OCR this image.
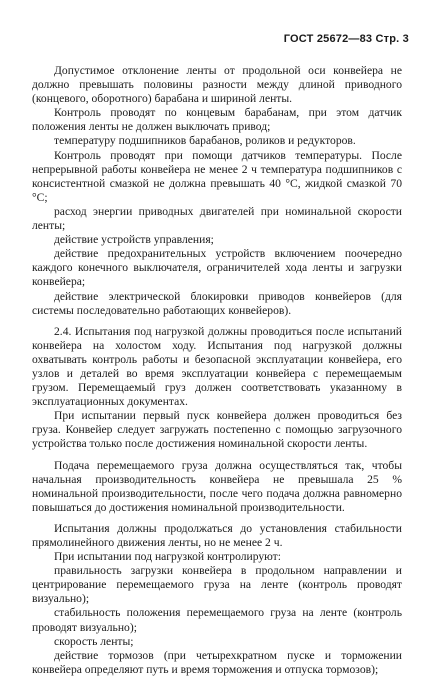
ГОСТ 25672—83 Стр. 3

Допустимое отклонение ленты от продольной оси конвейера не должно превышать половины разности между длиной приводного (концевого, оборотного) барабана и шириной ленты.

Контроль проводят по концевым барабанам, при этом датчик положения ленты не должен выключать привод;

температуру подшипников барабанов, роликов и редукторов.

Контроль проводят при помощи датчиков температуры. После непрерывной работы конвейера не менее 2 ч температура подшипников с консистентной смазкой не должна превышать 40 °С, жидкой смазкой 70 °С;

расход энергии приводных двигателей при номинальной скорости ленты;

действие устройств управления;

действие предохранительных устройств включением поочередно каждого конечного выключателя, ограничителей хода ленты и загрузки конвейера;

действие электрической блокировки приводов конвейеров (для системы последовательно работающих конвейеров).

2.4. Испытания под нагрузкой должны проводиться после испытаний конвейера на холостом ходу. Испытания под нагрузкой должны охватывать контроль работы и безопасной эксплуатации конвейера, его узлов и деталей во время эксплуатации конвейера с перемещаемым грузом. Перемещаемый груз должен соответствовать указанному в эксплуатационных документах.

При испытании первый пуск конвейера должен проводиться без груза. Конвейер следует загружать постепенно с помощью загрузочного устройства только после достижения номинальной скорости ленты.

Подача перемещаемого груза должна осуществляться так, чтобы начальная производительность конвейера не превышала 25 % номинальной производительности, после чего подача должна равномерно повышаться до достижения номинальной производительности.

Испытания должны продолжаться до установления стабильности прямолинейного движения ленты, но не менее 2 ч.

При испытании под нагрузкой контролируют:

правильность загрузки конвейера в продольном направлении и центрирование перемещаемого груза на ленте (контроль проводят визуально);

стабильность положения перемещаемого груза на ленте (контроль проводят визуально);

скорость ленты;

действие тормозов (при четырехкратном пуске и торможении конвейера определяют путь и время торможения и отпуска тормозов);
